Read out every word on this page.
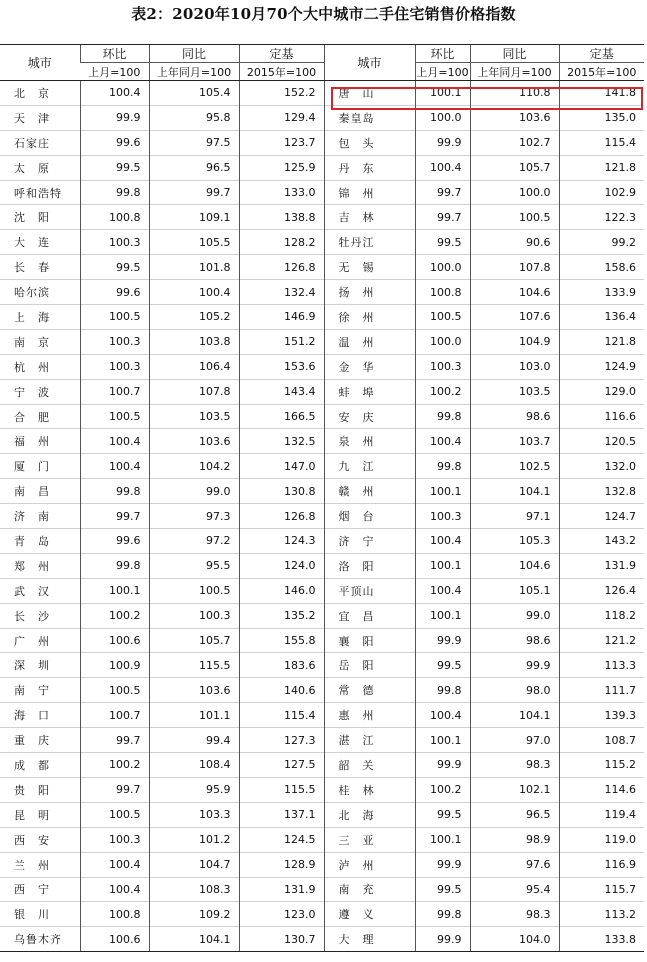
表2：2020年10月70个大中城市二手住宅销售价格指数
城市	环比	同比	定基	城市	环比	同比	定基
	上月=100	上年同月=100	2015年=100		上月=100	上年同月=100	2015年=100
北　京	100.4	105.4	152.2	唐　山	100.1	110.8	141.8
天　津	99.9	95.8	129.4	秦皇岛	100.0	103.6	135.0
石家庄	99.6	97.5	123.7	包　头	99.9	102.7	115.4
太　原	99.5	96.5	125.9	丹　东	100.4	105.7	121.8
呼和浩特	99.8	99.7	133.0	锦　州	99.7	100.0	102.9
沈　阳	100.8	109.1	138.8	吉　林	99.7	100.5	122.3
大　连	100.3	105.5	128.2	牡丹江	99.5	90.6	99.2
长　春	99.5	101.8	126.8	无　锡	100.0	107.8	158.6
哈尔滨	99.6	100.4	132.4	扬　州	100.8	104.6	133.9
上　海	100.5	105.2	146.9	徐　州	100.5	107.6	136.4
南　京	100.3	103.8	151.2	温　州	100.0	104.9	121.8
杭　州	100.3	106.4	153.6	金　华	100.3	103.0	124.9
宁　波	100.7	107.8	143.4	蚌　埠	100.2	103.5	129.0
合　肥	100.5	103.5	166.5	安　庆	99.8	98.6	116.6
福　州	100.4	103.6	132.5	泉　州	100.4	103.7	120.5
厦　门	100.4	104.2	147.0	九　江	99.8	102.5	132.0
南　昌	99.8	99.0	130.8	赣　州	100.1	104.1	132.8
济　南	99.7	97.3	126.8	烟　台	100.3	97.1	124.7
青　岛	99.6	97.2	124.3	济　宁	100.4	105.3	143.2
郑　州	99.8	95.5	124.0	洛　阳	100.1	104.6	131.9
武　汉	100.1	100.5	146.0	平顶山	100.4	105.1	126.4
长　沙	100.2	100.3	135.2	宜　昌	100.1	99.0	118.2
广　州	100.6	105.7	155.8	襄　阳	99.9	98.6	121.2
深　圳	100.9	115.5	183.6	岳　阳	99.5	99.9	113.3
南　宁	100.5	103.6	140.6	常　德	99.8	98.0	111.7
海　口	100.7	101.1	115.4	惠　州	100.4	104.1	139.3
重　庆	99.7	99.4	127.3	湛　江	100.1	97.0	108.7
成　都	100.2	108.4	127.5	韶　关	99.9	98.3	115.2
贵　阳	99.7	95.9	115.5	桂　林	100.2	102.1	114.6
昆　明	100.5	103.3	137.1	北　海	99.5	96.5	119.4
西　安	100.3	101.2	124.5	三　亚	100.1	98.9	119.0
兰　州	100.4	104.7	128.9	泸　州	99.9	97.6	116.9
西　宁	100.4	108.3	131.9	南　充	99.5	95.4	115.7
银　川	100.8	109.2	123.0	遵　义	99.8	98.3	113.2
乌鲁木齐	100.6	104.1	130.7	大　理	99.9	104.0	133.8
